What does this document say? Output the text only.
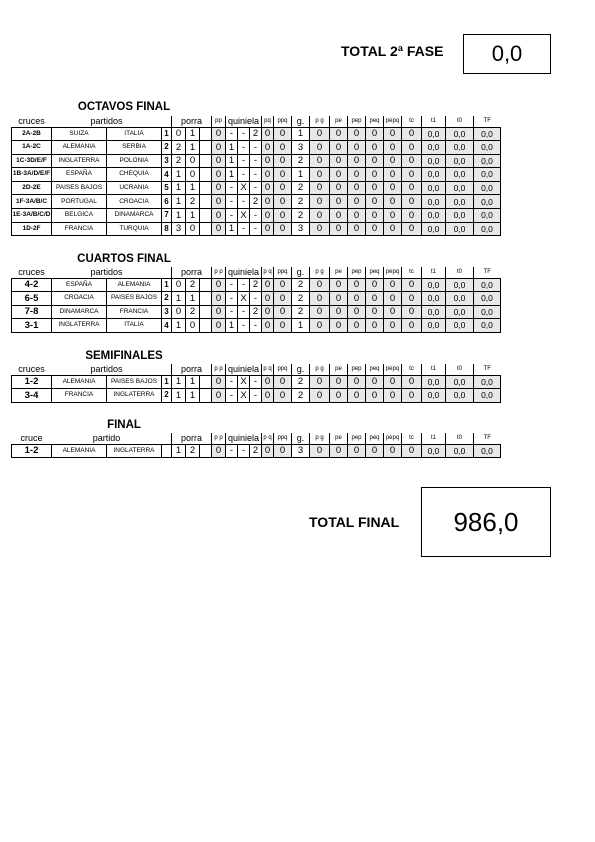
TOTAL 2ª FASE	0,0
TOTAL FINAL	986,0
OCTAVOS FINAL
CUARTOS FINAL
SEMIFINALES
FINAL
cruces	partidos			porra			pp	quiniela			pq	ppq	g.	p g	pe	pep	peq	pepq	tc	t1	t0	TF
2A-2B	SUIZA	ITALIA	1	0	1		0	-	-	2	0	0	1	0	0	0	0	0	0	0,0	0,0	0,0
1A-2C	ALEMANIA	SERBIA	2	2	1		0	1	-	-	0	0	3	0	0	0	0	0	0	0,0	0,0	0,0
1C-3D/E/F	INGLATERRA	POLONIA	3	2	0		0	1	-	-	0	0	2	0	0	0	0	0	0	0,0	0,0	0,0
1B-3A/D/E/F	ESPAÑA	CHEQUIA	4	1	0		0	1	-	-	0	0	1	0	0	0	0	0	0	0,0	0,0	0,0
2D-2E	PAISES BAJOS	UCRANIA	5	1	1		0	-	X	-	0	0	2	0	0	0	0	0	0	0,0	0,0	0,0
1F-3A/B/C	PORTUGAL	CROACIA	6	1	2		0	-	-	2	0	0	2	0	0	0	0	0	0	0,0	0,0	0,0
1E-3A/B/C/D	BELGICA	DINAMARCA	7	1	1		0	-	X	-	0	0	2	0	0	0	0	0	0	0,0	0,0	0,0
1D-2F	FRANCIA	TURQUIA	8	3	0		0	1	-	-	0	0	3	0	0	0	0	0	0	0,0	0,0	0,0
cruces	partidos			porra			p p	quiniela			p q	ppq	g.	p g	pe	pep	peq	pepq	tc	t1	t0	TF
4-2	ESPAÑA	ALEMANIA	1	0	2		0	-	-	2	0	0	2	0	0	0	0	0	0	0,0	0,0	0,0
6-5	CROACIA	PAISES BAJOS	2	1	1		0	-	X	-	0	0	2	0	0	0	0	0	0	0,0	0,0	0,0
7-8	DINAMARCA	FRANCIA	3	0	2		0	-	-	2	0	0	2	0	0	0	0	0	0	0,0	0,0	0,0
3-1	INGLATERRA	ITALIA	4	1	0		0	1	-	-	0	0	1	0	0	0	0	0	0	0,0	0,0	0,0
cruces	partidos			porra			p p	quiniela			p q	ppq	g.	p g	pe	pep	peq	pepq	tc	t1	t0	TF
1-2	ALEMANIA	PAISES BAJOS	1	1	1		0	-	X	-	0	0	2	0	0	0	0	0	0	0,0	0,0	0,0
3-4	FRANCIA	INGLATERRA	2	1	1		0	-	X	-	0	0	2	0	0	0	0	0	0	0,0	0,0	0,0
cruce	partido			porra			p p	quiniela			p q	ppq	g.	p g	pe	pep	peq	pepq	tc	t1	t0	TF
1-2	ALEMANIA	INGLATERRA		1	2		0	-	-	2	0	0	3	0	0	0	0	0	0	0,0	0,0	0,0
